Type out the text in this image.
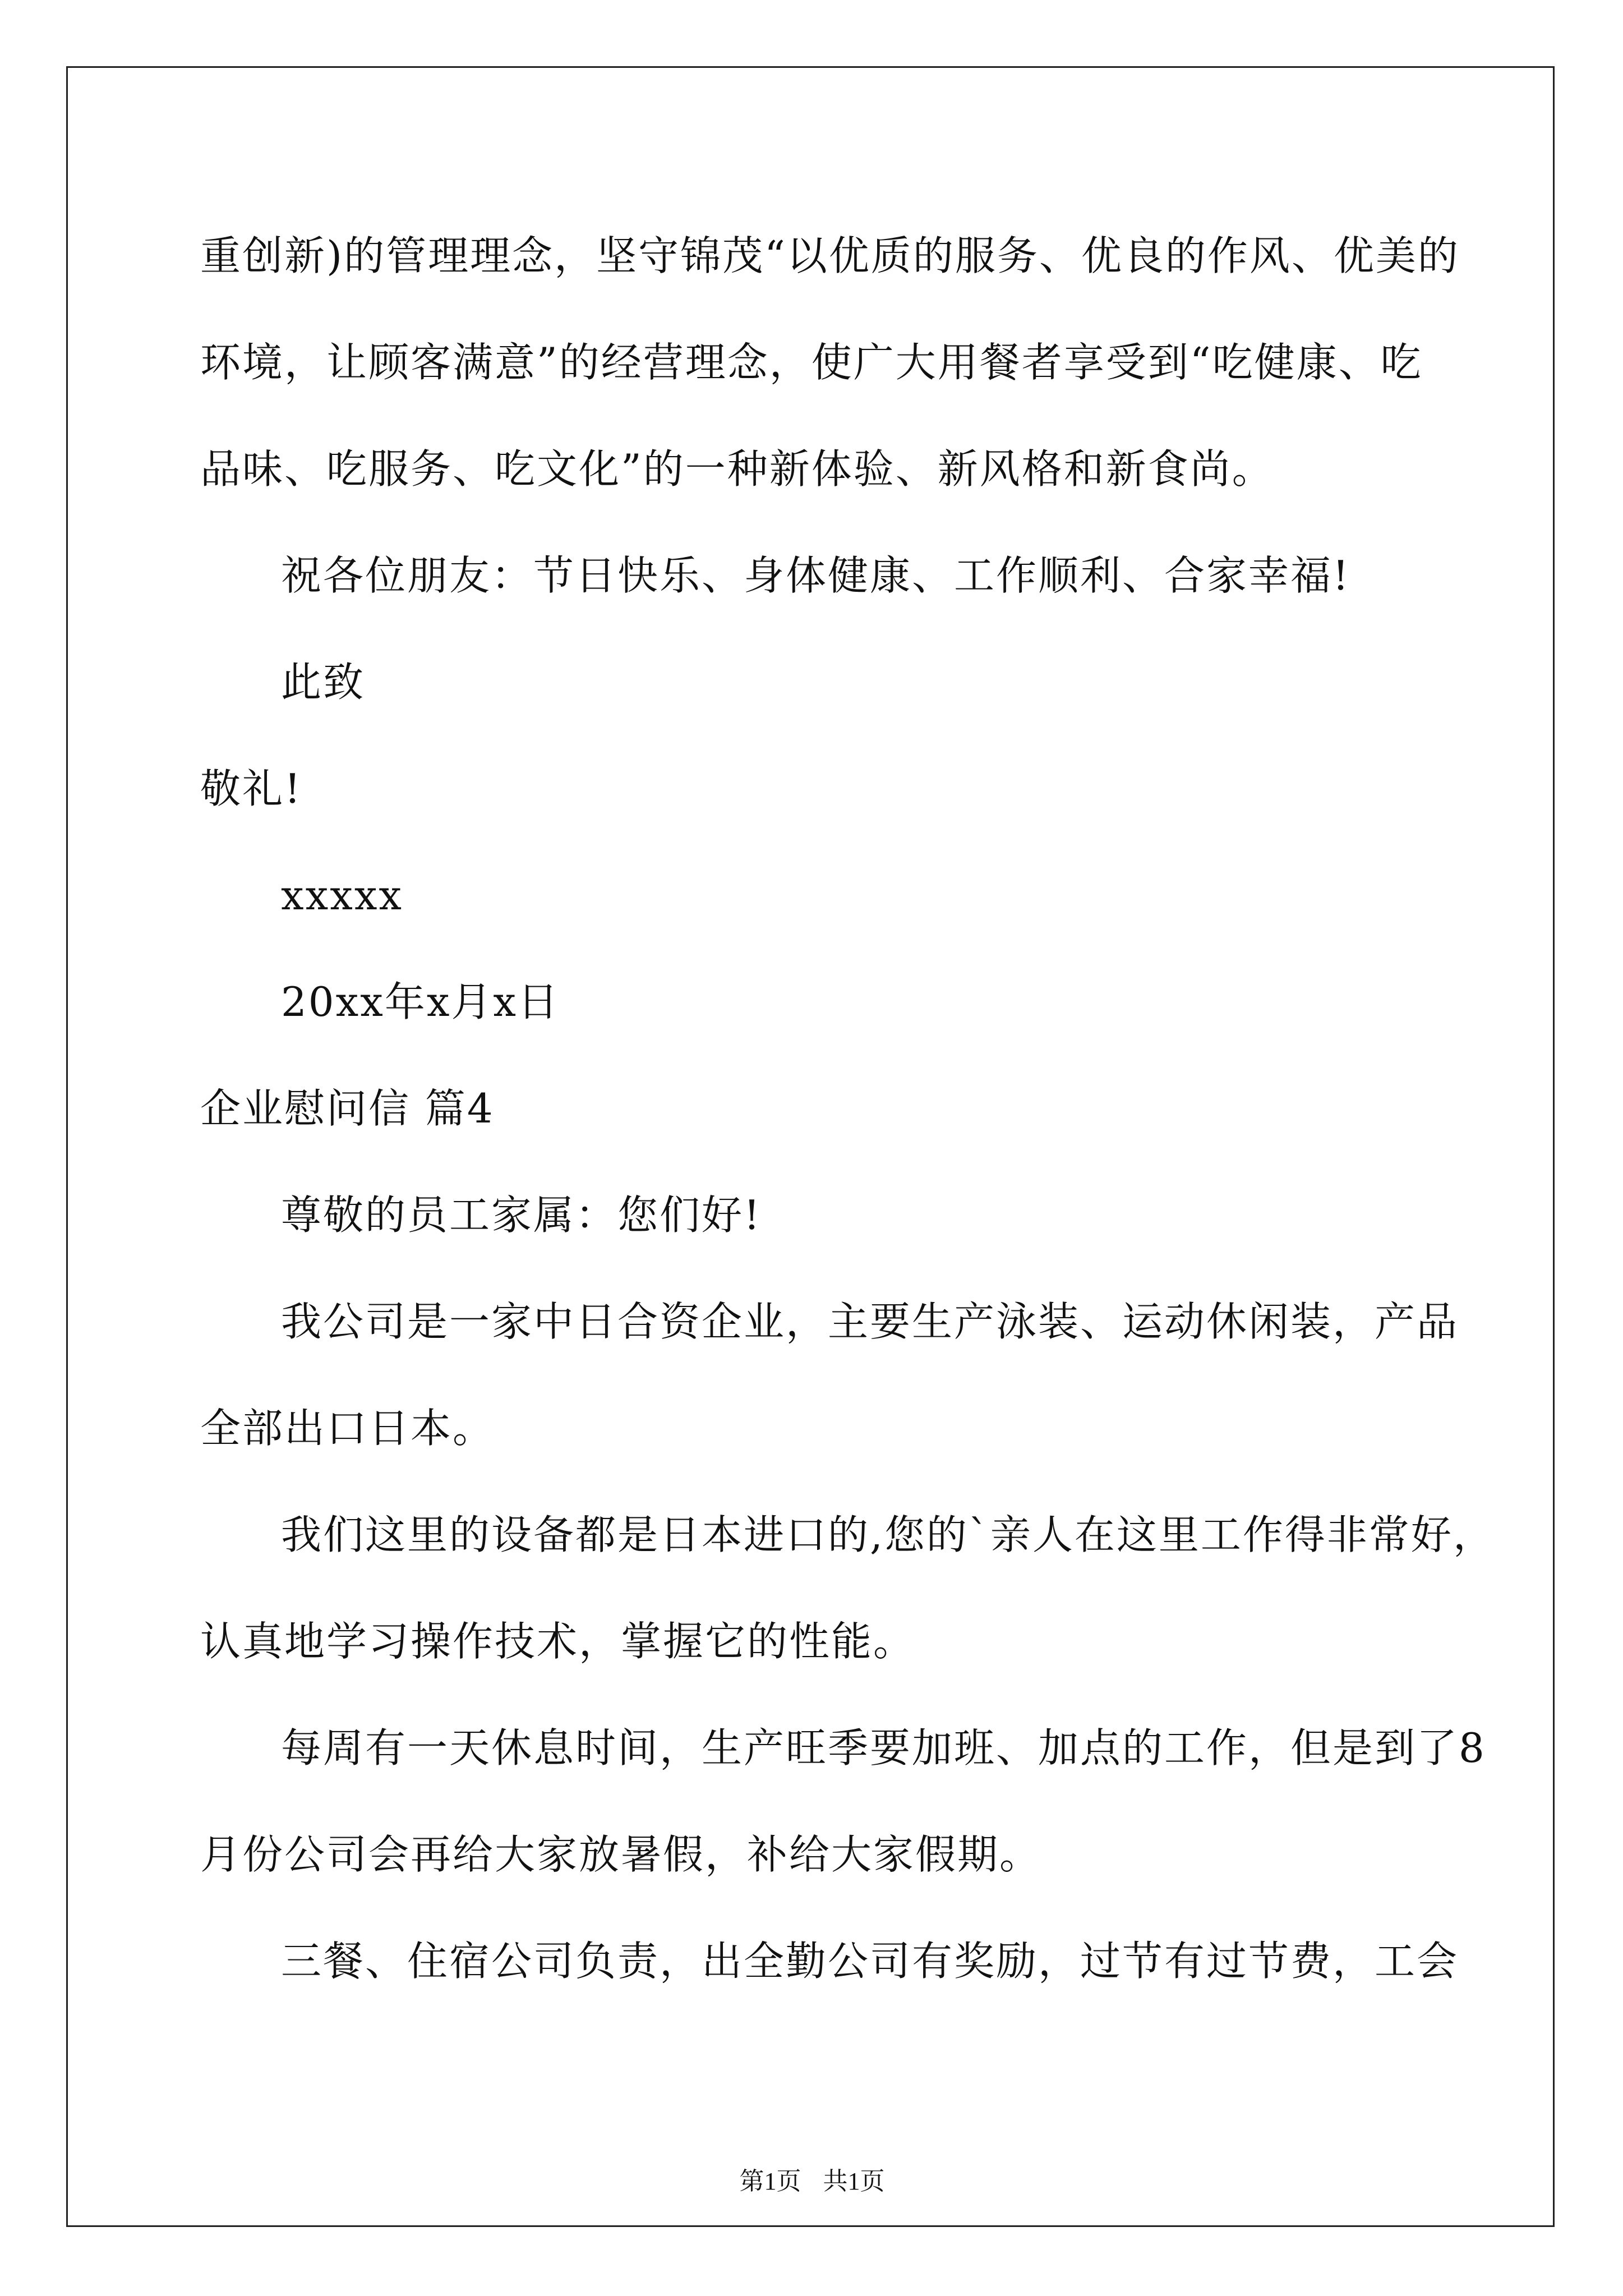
重创新)的管理理念，坚守锦茂“以优质的服务、优良的作风、优美的
环境，让顾客满意”的经营理念，使广大用餐者享受到“吃健康、吃
品味、吃服务、吃文化”的一种新体验、新风格和新食尚。
祝各位朋友：节日快乐、身体健康、工作顺利、合家幸福!
此致
敬礼!
xxxxx
20xx年x月x日
企业慰问信 篇4
尊敬的员工家属：您们好!
我公司是一家中日合资企业，主要生产泳装、运动休闲装，产品
全部出口日本。
我们这里的设备都是日本进口的,您的`亲人在这里工作得非常好，
认真地学习操作技术，掌握它的性能。
每周有一天休息时间，生产旺季要加班、加点的工作，但是到了8
月份公司会再给大家放暑假，补给大家假期。
三餐、住宿公司负责，出全勤公司有奖励，过节有过节费，工会
第1页 共1页
